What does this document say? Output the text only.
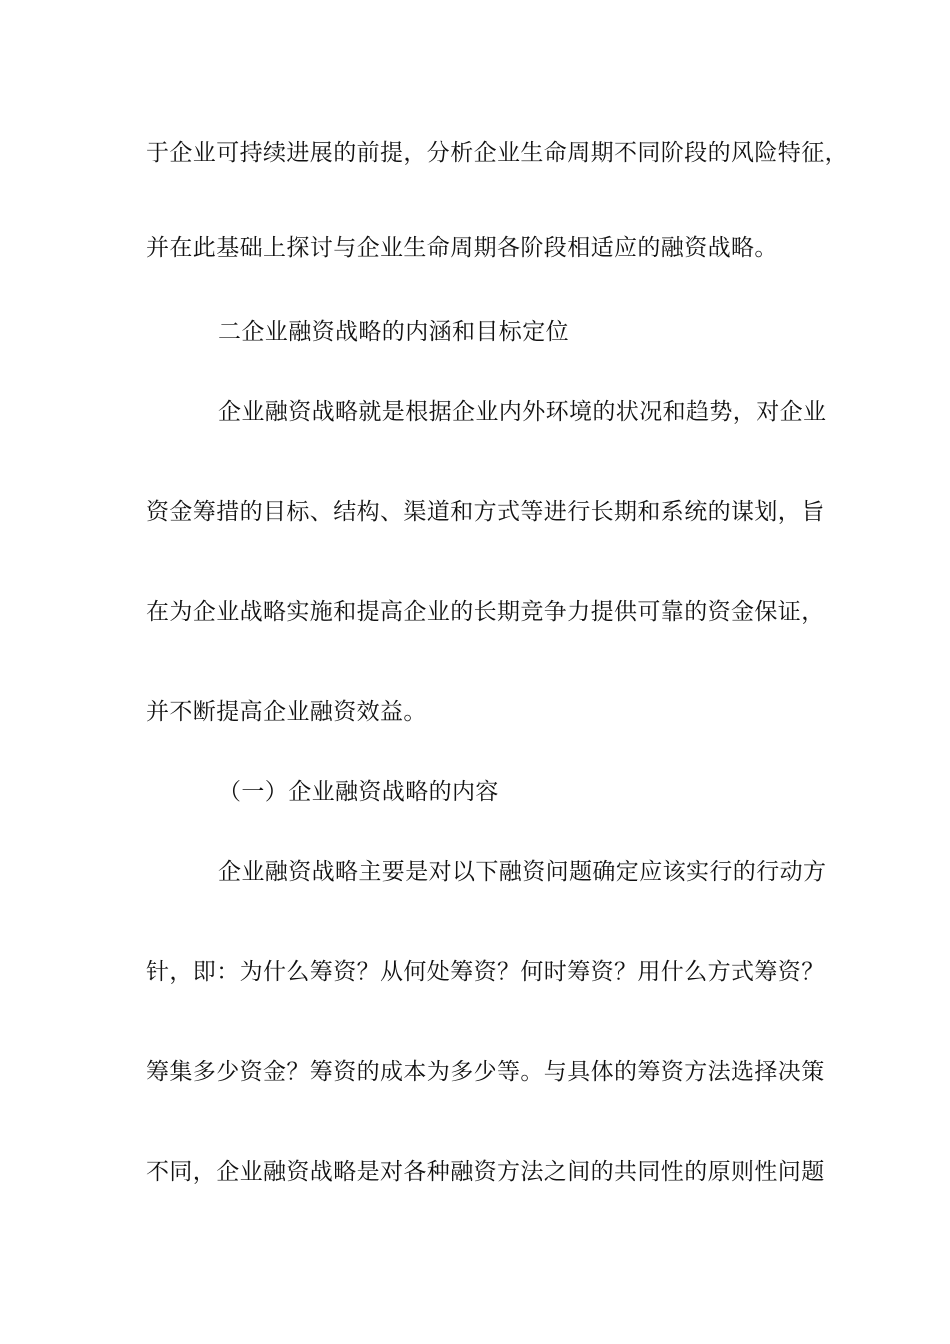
于企业可持续进展的前提，分析企业生命周期不同阶段的风险特征，
并在此基础上探讨与企业生命周期各阶段相适应的融资战略。
二企业融资战略的内涵和目标定位
企业融资战略就是根据企业内外环境的状况和趋势，对企业
资金筹措的目标、结构、渠道和方式等进行长期和系统的谋划，旨
在为企业战略实施和提高企业的长期竞争力提供可靠的资金保证，
并不断提高企业融资效益。
（一）企业融资战略的内容
企业融资战略主要是对以下融资问题确定应该实行的行动方
针，即：为什么筹资？从何处筹资？何时筹资？用什么方式筹资？
筹集多少资金？筹资的成本为多少等。与具体的筹资方法选择决策
不同，企业融资战略是对各种融资方法之间的共同性的原则性问题
